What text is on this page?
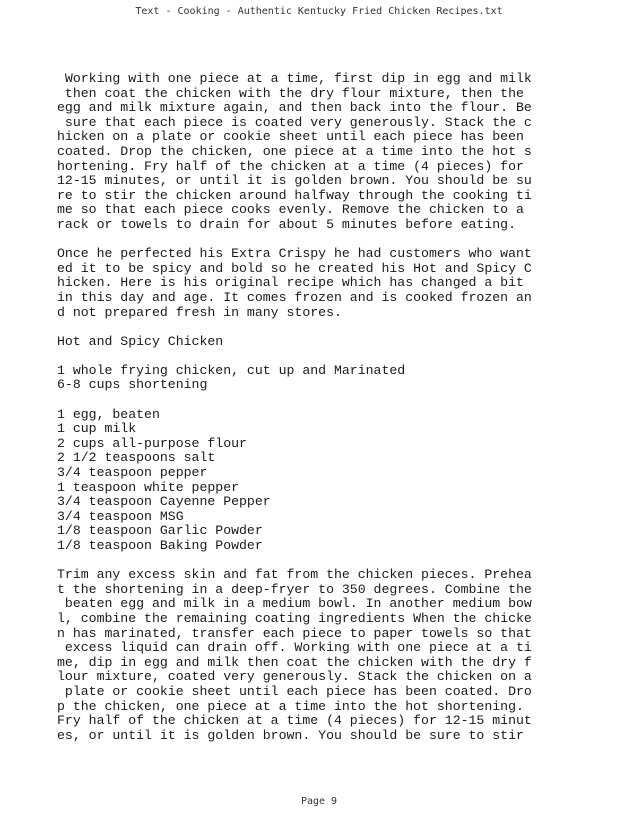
Text - Cooking - Authentic Kentucky Fried Chicken Recipes.txt
Working with one piece at a time, first dip in egg and milk
then coat the chicken with the dry flour mixture, then the
egg and milk mixture again, and then back into the flour. Be
sure that each piece is coated very generously. Stack the c
hicken on a plate or cookie sheet until each piece has been
coated. Drop the chicken, one piece at a time into the hot s
hortening. Fry half of the chicken at a time (4 pieces) for
12-15 minutes, or until it is golden brown. You should be su
re to stir the chicken around halfway through the cooking ti
me so that each piece cooks evenly. Remove the chicken to a
rack or towels to drain for about 5 minutes before eating.
Once he perfected his Extra Crispy he had customers who want
ed it to be spicy and bold so he created his Hot and Spicy C
hicken. Here is his original recipe which has changed a bit
in this day and age. It comes frozen and is cooked frozen an
d not prepared fresh in many stores.
Hot and Spicy Chicken
1 whole frying chicken, cut up and Marinated
6-8 cups shortening
1 egg, beaten
1 cup milk
2 cups all-purpose flour
2 1/2 teaspoons salt
3/4 teaspoon pepper
1 teaspoon white pepper
3/4 teaspoon Cayenne Pepper
3/4 teaspoon MSG
1/8 teaspoon Garlic Powder
1/8 teaspoon Baking Powder
Trim any excess skin and fat from the chicken pieces. Prehea
t the shortening in a deep-fryer to 350 degrees. Combine the
beaten egg and milk in a medium bowl. In another medium bow
l, combine the remaining coating ingredients When the chicke
n has marinated, transfer each piece to paper towels so that
excess liquid can drain off. Working with one piece at a ti
me, dip in egg and milk then coat the chicken with the dry f
lour mixture, coated very generously. Stack the chicken on a
plate or cookie sheet until each piece has been coated. Dro
p the chicken, one piece at a time into the hot shortening.
Fry half of the chicken at a time (4 pieces) for 12-15 minut
es, or until it is golden brown. You should be sure to stir
Page 9
